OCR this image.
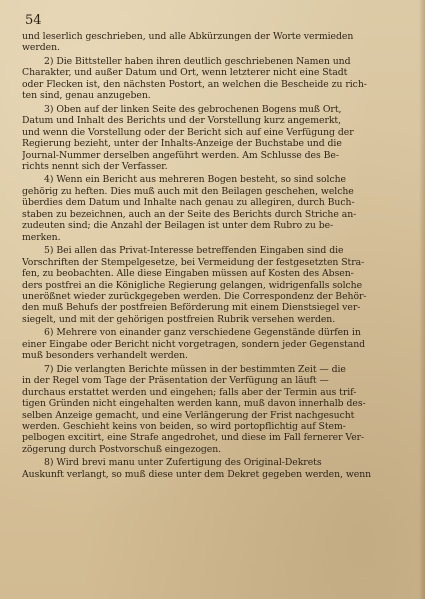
54
und leserlich geschrieben, und alle Abkürzungen der Worte vermieden
werden.
2) Die Bittsteller haben ihren deutlich geschriebenen Namen und
Charakter, und außer Datum und Ort, wenn letzterer nicht eine Stadt
oder Flecken ist, den nächsten Postort, an welchen die Bescheide zu rich-
ten sind, genau anzugeben.
3) Oben auf der linken Seite des gebrochenen Bogens muß Ort,
Datum und Inhalt des Berichts und der Vorstellung kurz angemerkt,
und wenn die Vorstellung oder der Bericht sich auf eine Verfügung der
Regierung bezieht, unter der Inhalts-Anzeige der Buchstabe und die
Journal-Nummer derselben angeführt werden. Am Schlusse des Be-
richts nennt sich der Verfasser.
4) Wenn ein Bericht aus mehreren Bogen besteht, so sind solche
gehörig zu heften. Dies muß auch mit den Beilagen geschehen, welche
überdies dem Datum und Inhalte nach genau zu allegiren, durch Buch-
staben zu bezeichnen, auch an der Seite des Berichts durch Striche an-
zudeuten sind; die Anzahl der Beilagen ist unter dem Rubro zu be-
merken.
5) Bei allen das Privat-Interesse betreffenden Eingaben sind die
Vorschriften der Stempelgesetze, bei Vermeidung der festgesetzten Stra-
fen, zu beobachten. Alle diese Eingaben müssen auf Kosten des Absen-
ders postfrei an die Königliche Regierung gelangen, widrigenfalls solche
unerößnet wieder zurückgegeben werden. Die Correspondenz der Behör-
den muß Behufs der postfreien Beförderung mit einem Dienstsiegel ver-
siegelt, und mit der gehörigen postfreien Rubrik versehen werden.
6) Mehrere von einander ganz verschiedene Gegenstände dürfen in
einer Eingabe oder Bericht nicht vorgetragen, sondern jeder Gegenstand
muß besonders verhandelt werden.
7) Die verlangten Berichte müssen in der bestimmten Zeit — die
in der Regel vom Tage der Präsentation der Verfügung an läuft —
durchaus erstattet werden und eingehen; falls aber der Termin aus trif-
tigen Gründen nicht eingehalten werden kann, muß davon innerhalb des-
selben Anzeige gemacht, und eine Verlängerung der Frist nachgesucht
werden. Geschieht keins von beiden, so wird portopflichtig auf Stem-
pelbogen excitirt, eine Strafe angedrohet, und diese im Fall fernerer Ver-
zögerung durch Postvorschuß eingezogen.
8) Wird brevi manu unter Zufertigung des Original-Dekrets
Auskunft verlangt, so muß diese unter dem Dekret gegeben werden, wenn
